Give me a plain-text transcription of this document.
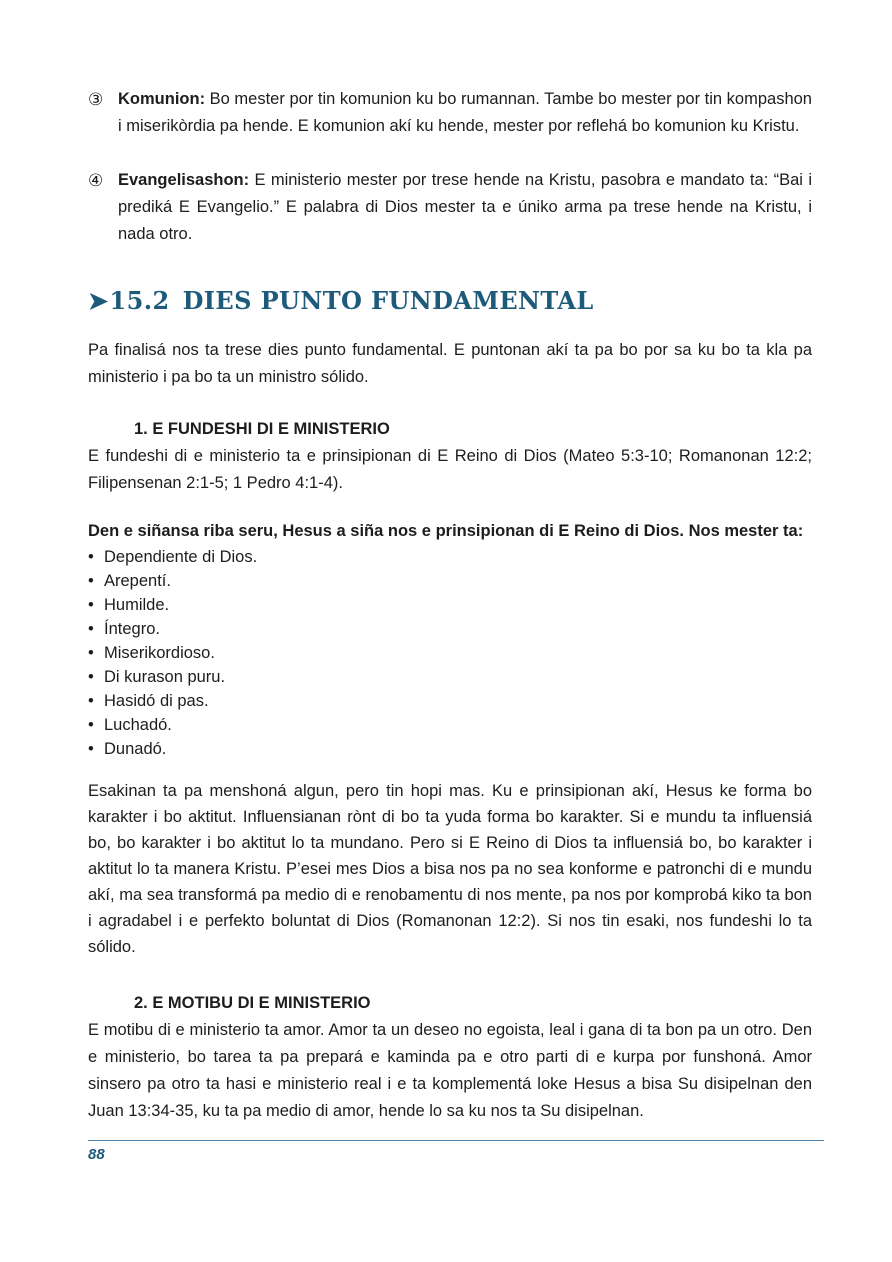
③ Komunion: Bo mester por tin komunion ku bo rumannan. Tambe bo mester por tin kompashon i miserikòrdia pa hende. E komunion akí ku hende, mester por reflehá bo komunion ku Kristu.

④ Evangelisashon: E ministerio mester por trese hende na Kristu, pasobra e mandato ta: “Bai i prediká E Evangelio.” E palabra di Dios mester ta e úniko arma pa trese hende na Kristu, i nada otro.

➤15.2 DIES PUNTO FUNDAMENTAL

Pa finalisá nos ta trese dies punto fundamental. E puntonan akí ta pa bo por sa ku bo ta kla pa ministerio i pa bo ta un ministro sólido.

1. E FUNDESHI DI E MINISTERIO

E fundeshi di e ministerio ta e prinsipionan di E Reino di Dios (Mateo 5:3-10; Romanonan 12:2; Filipensenan 2:1-5; 1 Pedro 4:1-4).

Den e siñansa riba seru, Hesus a siña nos e prinsipionan di E Reino di Dios. Nos mester ta:

• Dependiente di Dios.
• Arepentí.
• Humilde.
• Íntegro.
• Miserikordioso.
• Di kurason puru.
• Hasidó di pas.
• Luchadó.
• Dunadó.

Esakinan ta pa menshoná algun, pero tin hopi mas. Ku e prinsipionan akí, Hesus ke forma bo karakter i bo aktitut. Influensianan rònt di bo ta yuda forma bo karakter. Si e mundu ta influensiá bo, bo karakter i bo aktitut lo ta mundano. Pero si E Reino di Dios ta influensiá bo, bo karakter i aktitut lo ta manera Kristu. P’esei mes Dios a bisa nos pa no sea konforme e patronchi di e mundu akí, ma sea transformá pa medio di e renobamentu di nos mente, pa nos por komprobá kiko ta bon i agradabel i e perfekto boluntat di Dios (Romanonan 12:2). Si nos tin esaki, nos fundeshi lo ta sólido.

2. E MOTIBU DI E MINISTERIO

E motibu di e ministerio ta amor. Amor ta un deseo no egoista, leal i gana di ta bon pa un otro. Den e ministerio, bo tarea ta pa prepará e kaminda pa e otro parti di e kurpa por funshoná. Amor sinsero pa otro ta hasi e ministerio real i e ta komplementá loke Hesus a bisa Su disipelnan den Juan 13:34-35, ku ta pa medio di amor, hende lo sa ku nos ta Su disipelnan.

88
